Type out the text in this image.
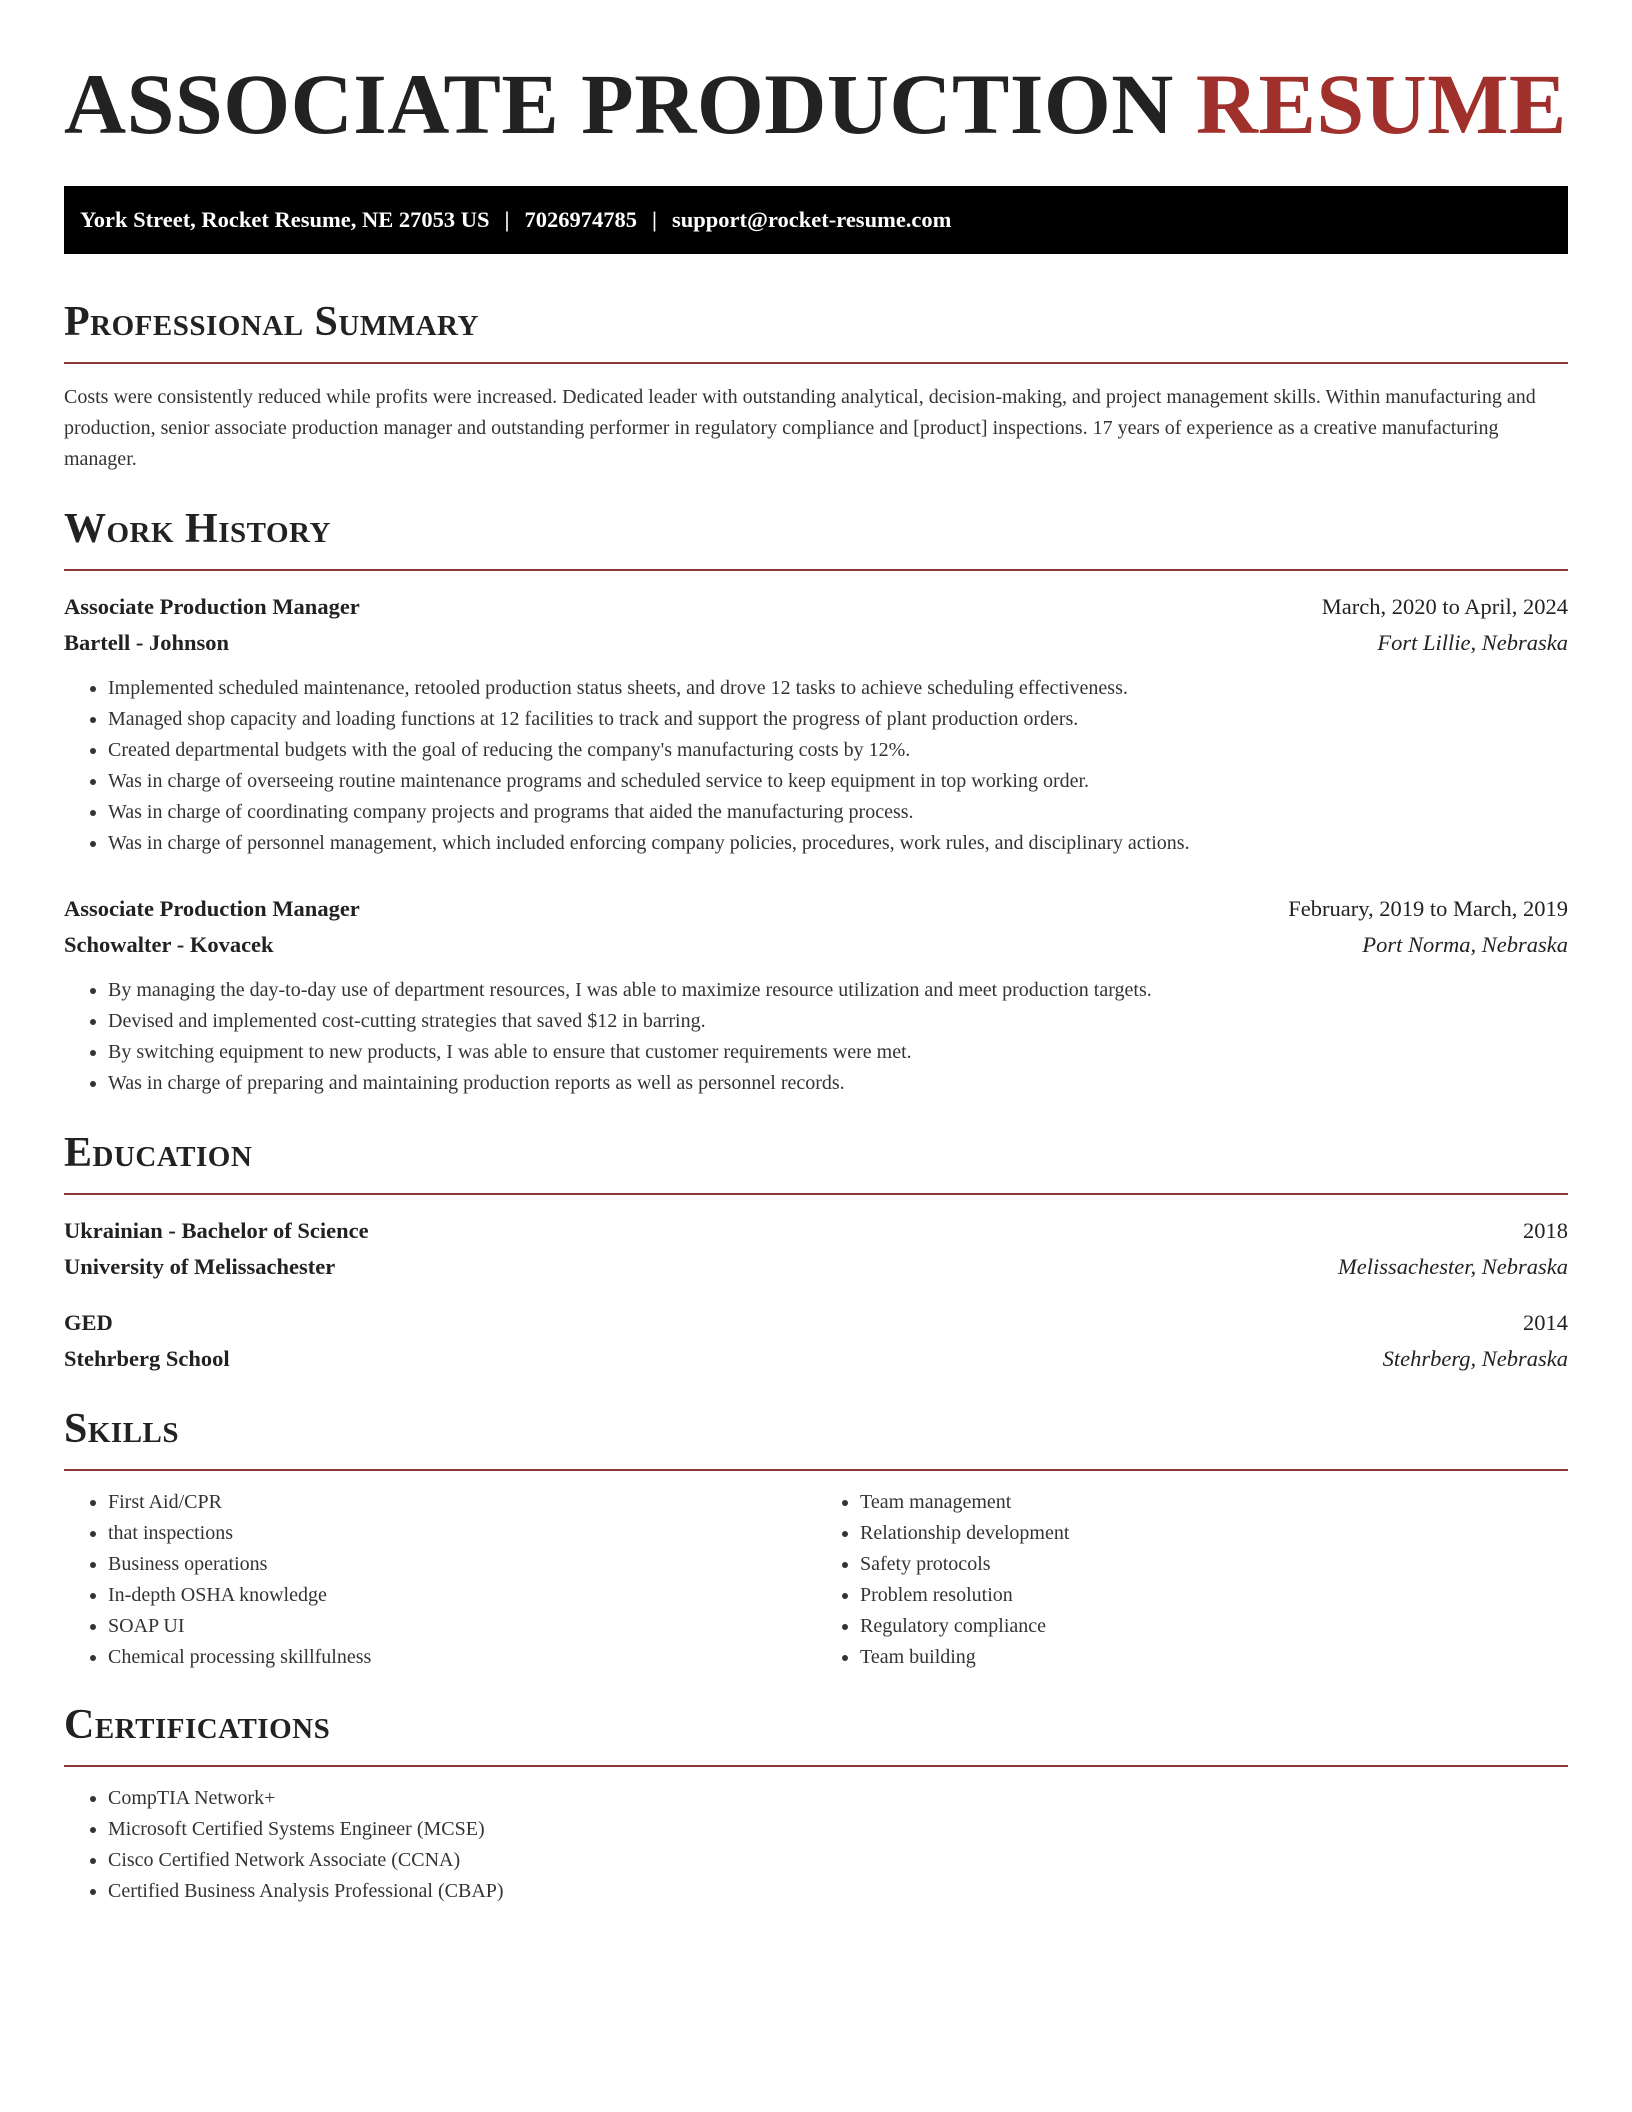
ASSOCIATE PRODUCTION RESUME
York Street, Rocket Resume, NE 27053 US | 7026974785 | support@rocket-resume.com
Professional Summary

Costs were consistently reduced while profits were increased. Dedicated leader with outstanding analytical, decision-making, and project management skills. Within manufacturing and production, senior associate production manager and outstanding performer in regulatory compliance and [product] inspections. 17 years of experience as a creative manufacturing manager.

Work History
Associate Production Manager	March, 2020 to April, 2024
Bartell - Johnson	Fort Lillie, Nebraska
• Implemented scheduled maintenance, retooled production status sheets, and drove 12 tasks to achieve scheduling effectiveness.
• Managed shop capacity and loading functions at 12 facilities to track and support the progress of plant production orders.
• Created departmental budgets with the goal of reducing the company's manufacturing costs by 12%.
• Was in charge of overseeing routine maintenance programs and scheduled service to keep equipment in top working order.
• Was in charge of coordinating company projects and programs that aided the manufacturing process.
• Was in charge of personnel management, which included enforcing company policies, procedures, work rules, and disciplinary actions.
Associate Production Manager	February, 2019 to March, 2019
Schowalter - Kovacek	Port Norma, Nebraska
• By managing the day-to-day use of department resources, I was able to maximize resource utilization and meet production targets.
• Devised and implemented cost-cutting strategies that saved $12 in barring.
• By switching equipment to new products, I was able to ensure that customer requirements were met.
• Was in charge of preparing and maintaining production reports as well as personnel records.
Education
Ukrainian - Bachelor of Science	2018
University of Melissachester	Melissachester, Nebraska
GED	2014
Stehrberg School	Stehrberg, Nebraska
Skills
• First Aid/CPR
• that inspections
• Business operations
• In-depth OSHA knowledge
• SOAP UI
• Chemical processing skillfulness
• Team management
• Relationship development
• Safety protocols
• Problem resolution
• Regulatory compliance
• Team building
Certifications
• CompTIA Network+
• Microsoft Certified Systems Engineer (MCSE)
• Cisco Certified Network Associate (CCNA)
• Certified Business Analysis Professional (CBAP)
